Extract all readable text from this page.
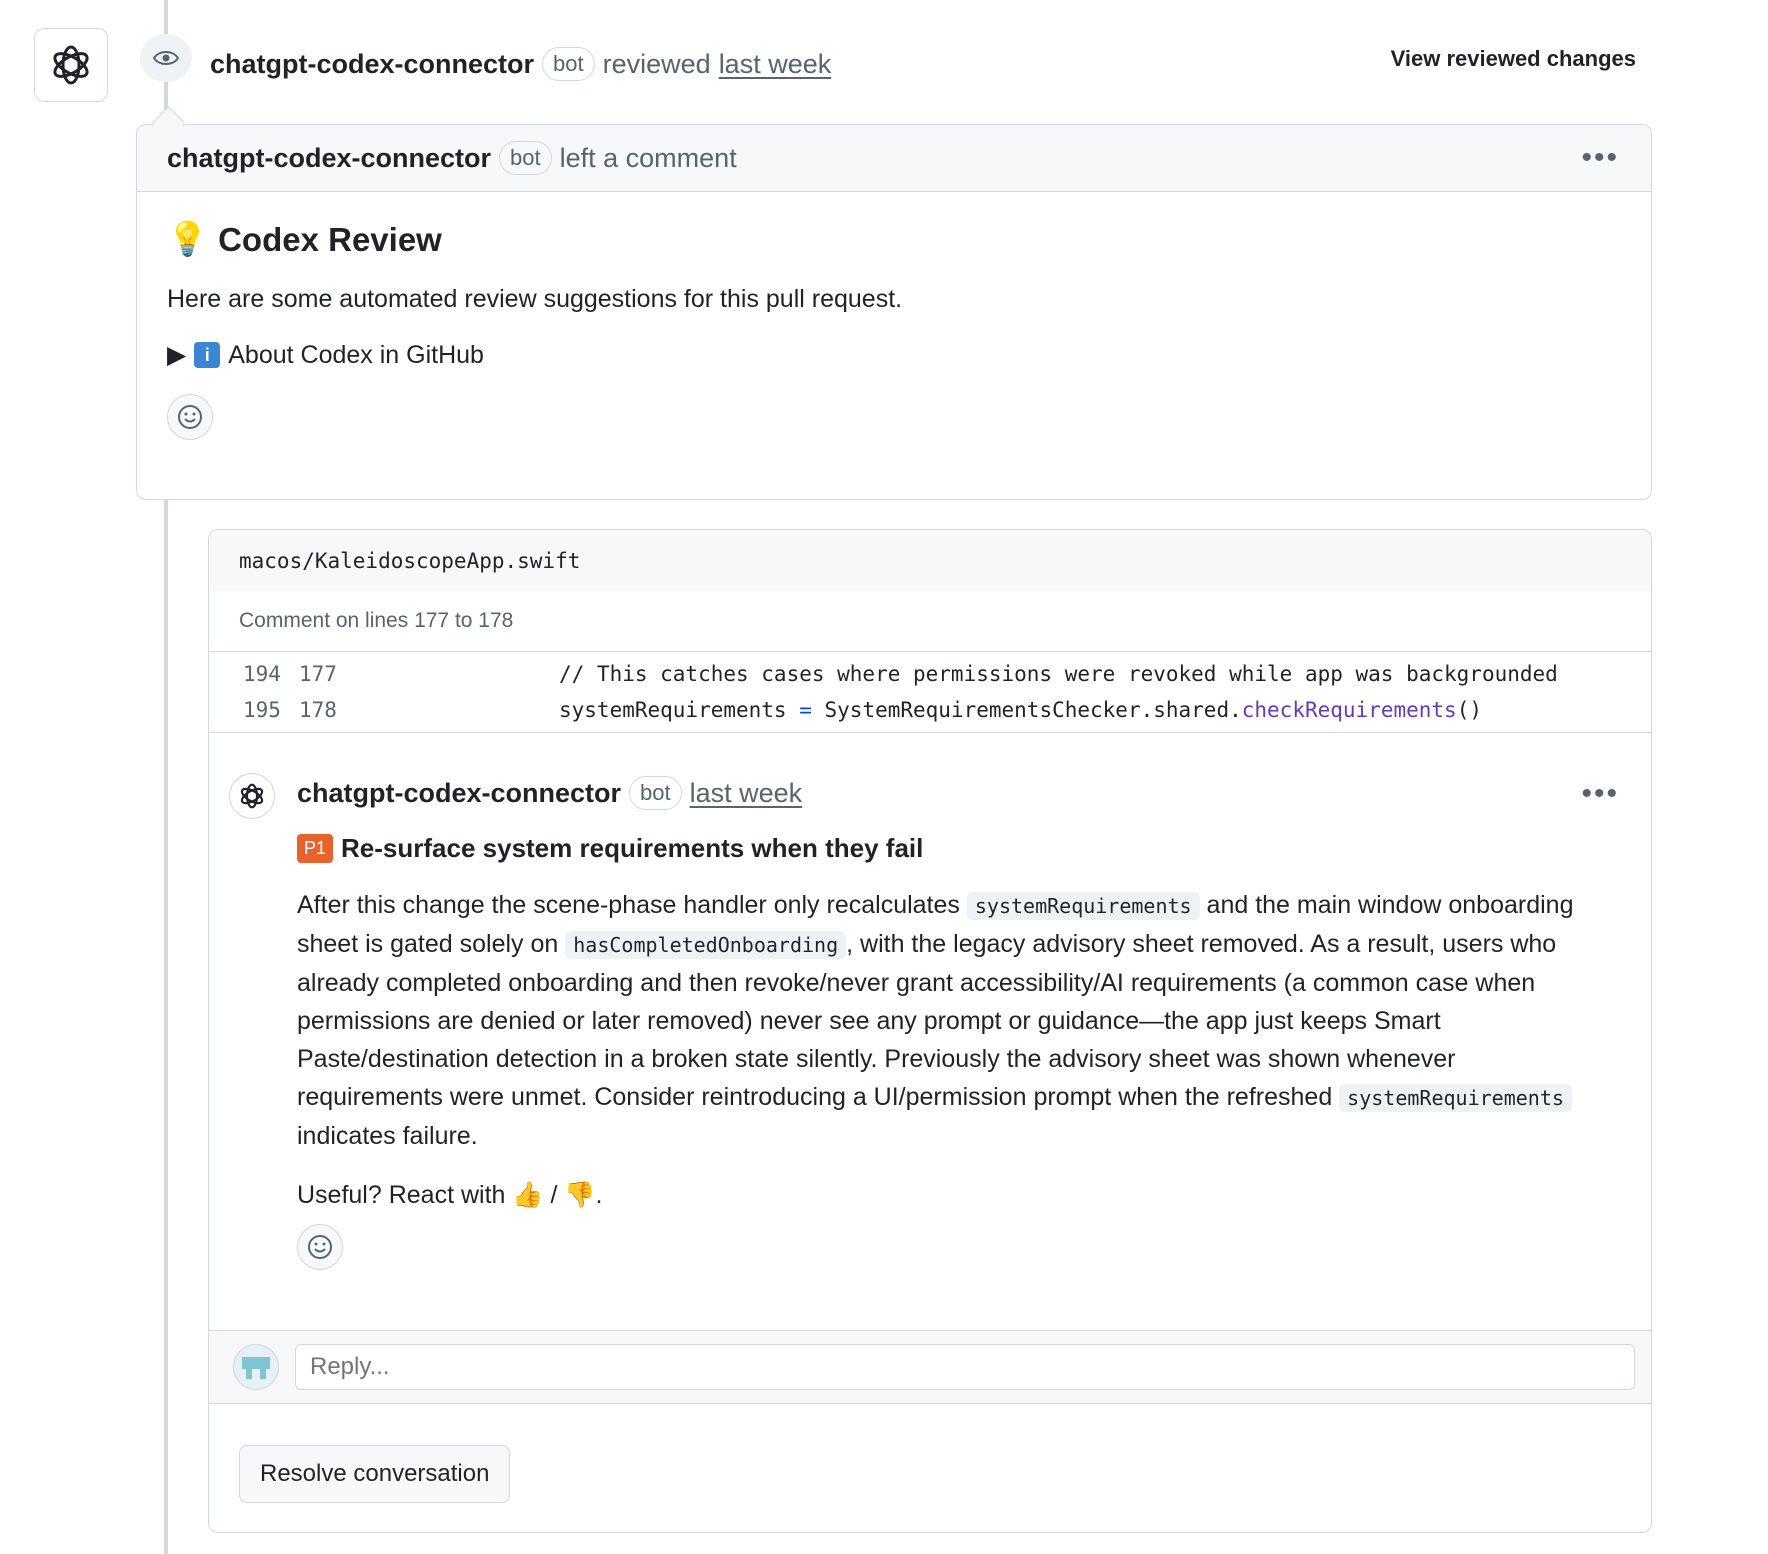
chatgpt-codex-connector bot reviewed last week	View reviewed changes
chatgpt-codex-connector bot left a comment	•••
💡 Codex Review
Here are some automated review suggestions for this pull request.
▶	i About Codex in GitHub
macos/KaleidoscopeApp.swift
Comment on lines 177 to 178
194 177	// This catches cases where permissions were revoked while app was backgrounded
195 178	systemRequirements = SystemRequirementsChecker.shared.checkRequirements()
chatgpt-codex-connector bot last week	•••
P1 Re-surface system requirements when they fail
After this change the scene-phase handler only recalculates systemRequirements and the main window onboarding sheet is gated solely on hasCompletedOnboarding , with the legacy advisory sheet removed. As a result, users who already completed onboarding and then revoke/never grant accessibility/AI requirements (a common case when permissions are denied or later removed) never see any prompt or guidance—the app just keeps Smart Paste/destination detection in a broken state silently. Previously the advisory sheet was shown whenever requirements were unmet. Consider reintroducing a UI/permission prompt when the refreshed systemRequirements indicates failure.
Useful? React with 👍 / 👎.
Reply...
Resolve conversation
